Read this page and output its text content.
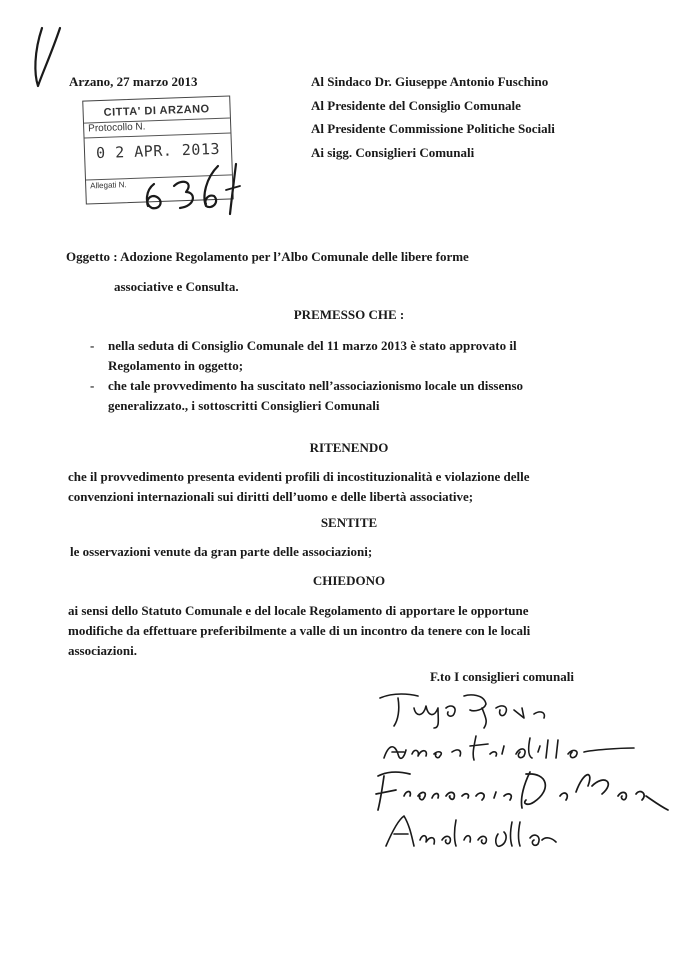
Arzano, 27 marzo 2013	Al Sindaco Dr. Giuseppe Antonio Fuschino
Al Presidente del Consiglio Comunale
Al Presidente Commissione Politiche Sociali
Ai sigg. Consiglieri Comunali
CITTA' DI ARZANO
Protocollo N.
0 2 APR. 2013
Allegati N.
Oggetto : Adozione Regolamento per l’Albo Comunale delle libere forme
associative e Consulta.
PREMESSO CHE :
- nella seduta di Consiglio Comunale del 11 marzo 2013 è stato approvato il
Regolamento in oggetto;
- che tale provvedimento ha suscitato nell’associazionismo locale un dissenso
generalizzato., i sottoscritti Consiglieri Comunali
RITENENDO
che il provvedimento presenta evidenti profili di incostituzionalità e violazione delle
convenzioni internazionali sui diritti dell’uomo e delle libertà associative;
SENTITE
le osservazioni venute da gran parte delle associazioni;
CHIEDONO
ai sensi dello Statuto Comunale e del locale Regolamento di apportare le opportune
modifiche da effettuare preferibilmente a valle di un incontro da tenere con le locali
associazioni.
F.to I consiglieri comunali
